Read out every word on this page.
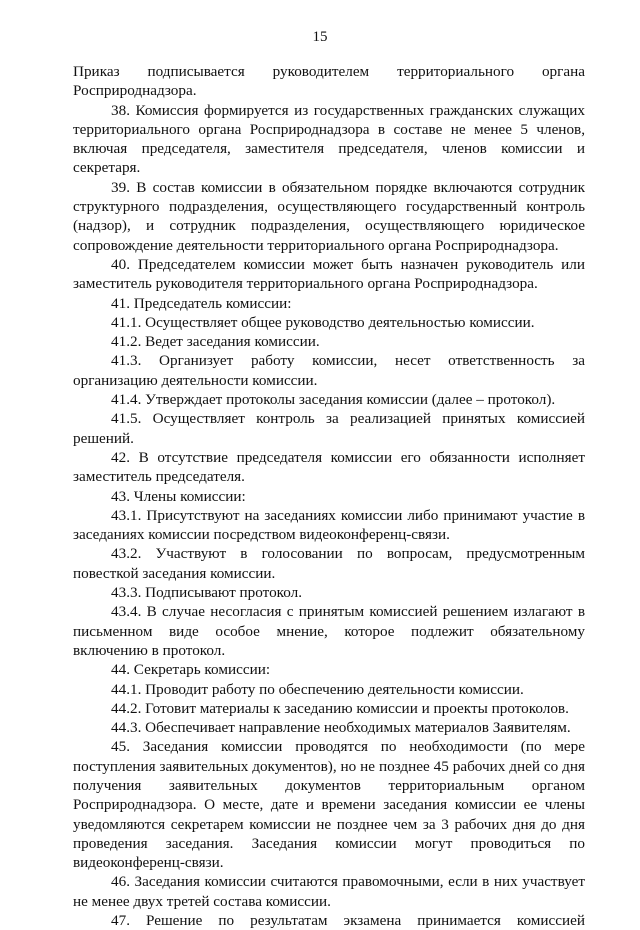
15

Приказ подписывается руководителем территориального органа Росприроднадзора.

38. Комиссия формируется из государственных гражданских служащих территориального органа Росприроднадзора в составе не менее 5 членов, включая председателя, заместителя председателя, членов комиссии и секретаря.

39. В состав комиссии в обязательном порядке включаются сотрудник структурного подразделения, осуществляющего государственный контроль (надзор), и сотрудник подразделения, осуществляющего юридическое сопровождение деятельности территориального органа Росприроднадзора.

40. Председателем комиссии может быть назначен руководитель или заместитель руководителя территориального органа Росприроднадзора.

41. Председатель комиссии:

41.1. Осуществляет общее руководство деятельностью комиссии.

41.2. Ведет заседания комиссии.

41.3. Организует работу комиссии, несет ответственность за организацию деятельности комиссии.

41.4. Утверждает протоколы заседания комиссии (далее – протокол).

41.5. Осуществляет контроль за реализацией принятых комиссией решений.

42. В отсутствие председателя комиссии его обязанности исполняет заместитель председателя.

43. Члены комиссии:

43.1. Присутствуют на заседаниях комиссии либо принимают участие в заседаниях комиссии посредством видеоконференц-связи.

43.2. Участвуют в голосовании по вопросам, предусмотренным повесткой заседания комиссии.

43.3. Подписывают протокол.

43.4. В случае несогласия с принятым комиссией решением излагают в письменном виде особое мнение, которое подлежит обязательному включению в протокол.

44. Секретарь комиссии:

44.1. Проводит работу по обеспечению деятельности комиссии.

44.2. Готовит материалы к заседанию комиссии и проекты протоколов.

44.3. Обеспечивает направление необходимых материалов Заявителям.

45. Заседания комиссии проводятся по необходимости (по мере поступления заявительных документов), но не позднее 45 рабочих дней со дня получения заявительных документов территориальным органом Росприроднадзора. О месте, дате и времени заседания комиссии ее члены уведомляются секретарем комиссии не позднее чем за 3 рабочих дня до дня проведения заседания. Заседания комиссии могут проводиться по видеоконференц-связи.

46. Заседания комиссии считаются правомочными, если в них участвует не менее двух третей состава комиссии.

47. Решение по результатам экзамена принимается комиссией
